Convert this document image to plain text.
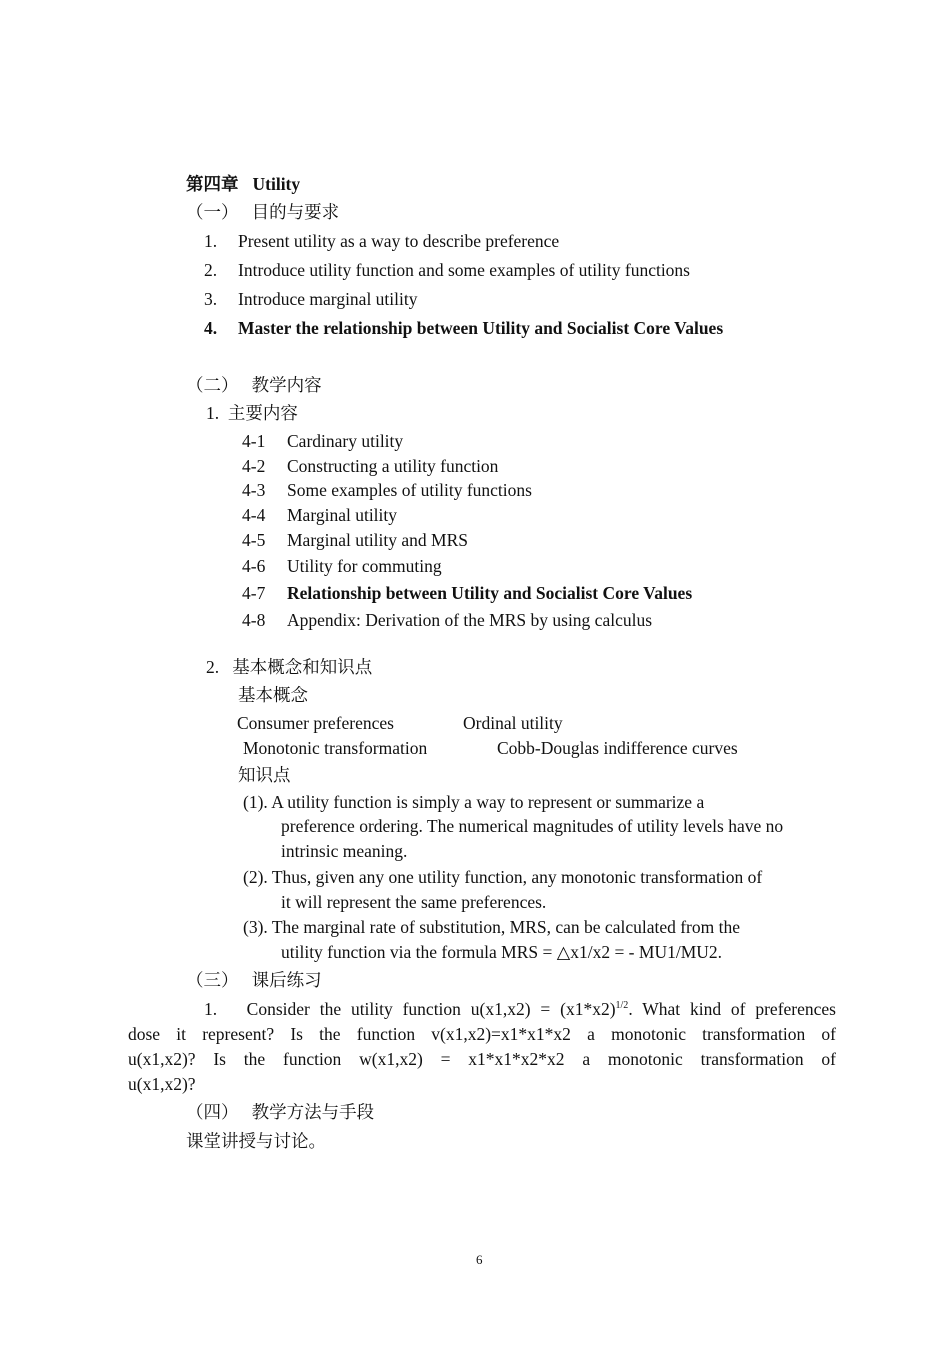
第四章 Utility
（一）   目的与要求
1. Present utility as a way to describe preference
2. Introduce utility function and some examples of utility functions
3. Introduce marginal utility
4. Master the relationship between Utility and Socialist Core Values
（二）   教学内容
1.  主要内容
4-1 Cardinary utility
4-2 Constructing a utility function
4-3 Some examples of utility functions
4-4 Marginal utility
4-5 Marginal utility and MRS
4-6 Utility for commuting
4-7 Relationship between Utility and Socialist Core Values
4-8 Appendix: Derivation of the MRS by using calculus
2.   基本概念和知识点
基本概念
Consumer preferences	Ordinal utility
Monotonic transformation	Cobb-Douglas indifference curves
知识点
(1). A utility function is simply a way to represent or summarize a
preference ordering. The numerical magnitudes of utility levels have no
intrinsic meaning.
(2). Thus, given any one utility function, any monotonic transformation of
it will represent the same preferences.
(3). The marginal rate of substitution, MRS, can be calculated from the
utility function via the formula MRS = △x1/x2 = - MU1/MU2.
（三）   课后练习
1.   Consider the utility function $u(x1,x2) = (x1*x2)^{1/2}$. What kind of preferences
dose it represent? Is the function v(x1,x2)=x1*x1*x2 a monotonic transformation of
u(x1,x2)? Is the function w(x1,x2) = x1*x1*x2*x2 a monotonic transformation of
u(x1,x2)?
（四）   教学方法与手段
课堂讲授与讨论。
6
